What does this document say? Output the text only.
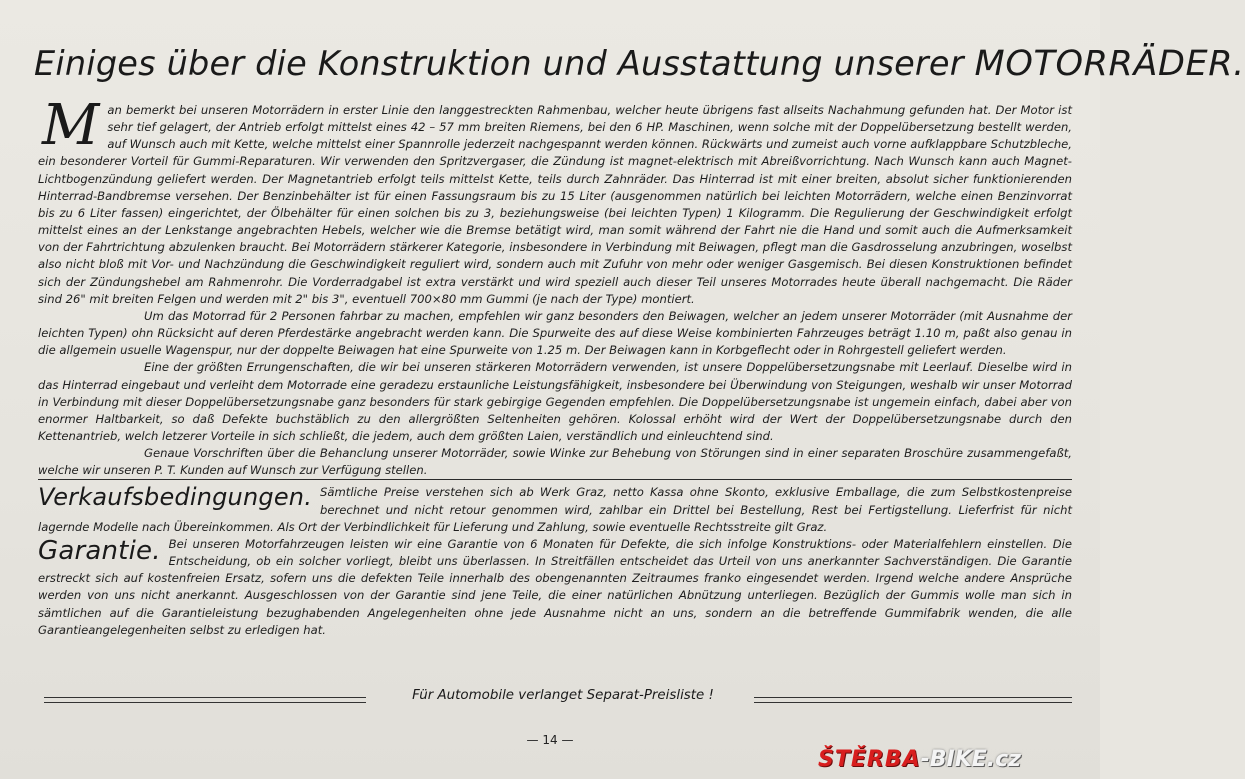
Einiges über die Konstruktion und Ausstattung unserer MOTORRÄDER.

Man bemerkt bei unseren Motorrädern in erster Linie den langgestreckten Rahmenbau, welcher heute übrigens fast allseits Nachahmung gefunden hat. Der Motor ist sehr tief gelagert, der Antrieb erfolgt mittelst eines 42 – 57 mm breiten Riemens, bei den 6 HP. Maschinen, wenn solche mit der Doppelübersetzung bestellt werden, auf Wunsch auch mit Kette, welche mittelst einer Spannrolle jederzeit nachgespannt werden können. Rückwärts und zumeist auch vorne aufklappbare Schutzbleche, ein besonderer Vorteil für Gummi-Reparaturen. Wir verwenden den Spritzvergaser, die Zündung ist magnet-elektrisch mit Abreißvorrichtung. Nach Wunsch kann auch Magnet-Lichtbogenzündung geliefert werden. Der Magnetantrieb erfolgt teils mittelst Kette, teils durch Zahnräder. Das Hinterrad ist mit einer breiten, absolut sicher funktionierenden Hinterrad-Bandbremse versehen. Der Benzinbehälter ist für einen Fassungsraum bis zu 15 Liter (ausgenommen natürlich bei leichten Motorrädern, welche einen Benzinvorrat bis zu 6 Liter fassen) eingerichtet, der Ölbehälter für einen solchen bis zu 3, beziehungsweise (bei leichten Typen) 1 Kilogramm. Die Regulierung der Geschwindigkeit erfolgt mittelst eines an der Lenkstange angebrachten Hebels, welcher wie die Bremse betätigt wird, man somit während der Fahrt nie die Hand und somit auch die Aufmerksamkeit von der Fahrtrichtung abzulenken braucht. Bei Motorrädern stärkerer Kategorie, insbesondere in Verbindung mit Beiwagen, pflegt man die Gasdrosselung anzubringen, woselbst also nicht bloß mit Vor- und Nachzündung die Geschwindigkeit reguliert wird, sondern auch mit Zufuhr von mehr oder weniger Gasgemisch. Bei diesen Konstruktionen befindet sich der Zündungshebel am Rahmenrohr. Die Vorderradgabel ist extra verstärkt und wird speziell auch dieser Teil unseres Motorrades heute überall nachgemacht. Die Räder sind 26" mit breiten Felgen und werden mit 2" bis 3", eventuell 700×80 mm Gummi (je nach der Type) montiert.

Um das Motorrad für 2 Personen fahrbar zu machen, empfehlen wir ganz besonders den Beiwagen, welcher an jedem unserer Motorräder (mit Ausnahme der leichten Typen) ohn Rücksicht auf deren Pferdestärke angebracht werden kann. Die Spurweite des auf diese Weise kombinierten Fahrzeuges beträgt 1.10 m, paßt also genau in die allgemein usuelle Wagenspur, nur der doppelte Beiwagen hat eine Spurweite von 1.25 m. Der Beiwagen kann in Korbgeflecht oder in Rohrgestell geliefert werden.

Eine der größten Errungenschaften, die wir bei unseren stärkeren Motorrädern verwenden, ist unsere Doppelübersetzungsnabe mit Leerlauf. Dieselbe wird in das Hinterrad eingebaut und verleiht dem Motorrade eine geradezu erstaunliche Leistungsfähigkeit, insbesondere bei Überwindung von Steigungen, weshalb wir unser Motorrad in Verbindung mit dieser Doppelübersetzungsnabe ganz besonders für stark gebirgige Gegenden empfehlen. Die Doppelübersetzungsnabe ist ungemein einfach, dabei aber von enormer Haltbarkeit, so daß Defekte buchstäblich zu den allergrößten Seltenheiten gehören. Kolossal erhöht wird der Wert der Doppelübersetzungsnabe durch den Kettenantrieb, welch letzerer Vorteile in sich schließt, die jedem, auch dem größten Laien, verständlich und einleuchtend sind.

Genaue Vorschriften über die Behanclung unserer Motorräder, sowie Winke zur Behebung von Störungen sind in einer separaten Broschüre zusammengefaßt, welche wir unseren P. T. Kunden auf Wunsch zur Verfügung stellen.

Verkaufsbedingungen. Sämtliche Preise verstehen sich ab Werk Graz, netto Kassa ohne Skonto, exklusive Emballage, die zum Selbstkostenpreise berechnet und nicht retour genommen wird, zahlbar ein Drittel bei Bestellung, Rest bei Fertigstellung. Lieferfrist für nicht lagernde Modelle nach Übereinkommen. Als Ort der Verbindlichkeit für Lieferung und Zahlung, sowie eventuelle Rechtsstreite gilt Graz.

Garantie. Bei unseren Motorfahrzeugen leisten wir eine Garantie von 6 Monaten für Defekte, die sich infolge Konstruktions- oder Materialfehlern einstellen. Die Entscheidung, ob ein solcher vorliegt, bleibt uns überlassen. In Streitfällen entscheidet das Urteil von uns anerkannter Sachverständigen. Die Garantie erstreckt sich auf kostenfreien Ersatz, sofern uns die defekten Teile innerhalb des obengenannten Zeitraumes franko eingesendet werden. Irgend welche andere Ansprüche werden von uns nicht anerkannt. Ausgeschlossen von der Garantie sind jene Teile, die einer natürlichen Abnützung unterliegen. Bezüglich der Gummis wolle man sich in sämtlichen auf die Garantieleistung bezughabenden Angelegenheiten ohne jede Ausnahme nicht an uns, sondern an die betreffende Gummifabrik wenden, die alle Garantieangelegenheiten selbst zu erledigen hat.

Für Automobile verlanget Separat-Preisliste !
— 14 —
ŠTĚRBA-BIKE.cz
